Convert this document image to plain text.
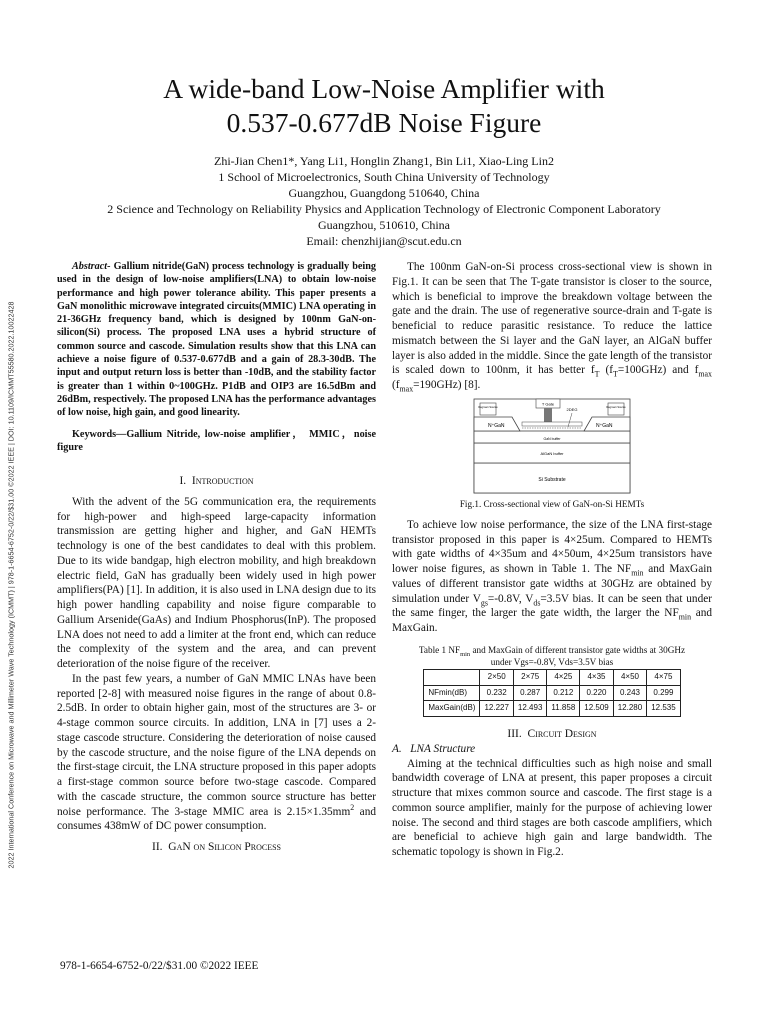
2022 International Conference on Microwave and Millimeter Wave Technology (ICMMT) | 978-1-6654-6752-0/22/$31.00 ©2022 IEEE | DOI: 10.1109/ICMMT55580.2022.10022428
A wide-band Low-Noise Amplifier with
0.537-0.677dB Noise Figure
Zhi-Jian Chen1*, Yang Li1, Honglin Zhang1, Bin Li1, Xiao-Ling Lin2
1 School of Microelectronics, South China University of Technology
Guangzhou, Guangdong 510640, China
2 Science and Technology on Reliability Physics and Application Technology of Electronic Component Laboratory
Guangzhou, 510610, China
Email: chenzhijian@scut.edu.cn

Abstract- Gallium nitride(GaN) process technology is gradually being used in the design of low-noise amplifiers(LNA) to obtain low-noise performance and high power tolerance ability. This paper presents a GaN monolithic microwave integrated circuits(MMIC) LNA operating in 21-36GHz frequency band, which is designed by 100nm GaN-on-silicon(Si) process. The proposed LNA uses a hybrid structure of common source and cascode. Simulation results show that this LNA can achieve a noise figure of 0.537-0.677dB and a gain of 28.3-30dB. The input and output return loss is better than -10dB, and the stability factor is greater than 1 within 0~100GHz. P1dB and OIP3 are 16.5dBm and 26dBm, respectively. The proposed LNA has the performance advantages of low noise, high gain, and good linearity.

Keywords—Gallium Nitride, low-noise amplifier， MMIC，noise figure

I. Introduction

With the advent of the 5G communication era, the requirements for high-power and high-speed large-capacity information transmission are getting higher and higher, and GaN HEMTs technology is one of the best candidates to deal with this problem. Due to its wide bandgap, high electron mobility, and high breakdown electric field, GaN has gradually been widely used in high power amplifiers(PA) [1]. In addition, it is also used in LNA design due to its high power handling capability and noise figure comparable to Gallium Arsenide(GaAs) and Indium Phosphorus(InP). The proposed LNA does not need to add a limiter at the front end, which can reduce the complexity of the system and the area, and can prevent deterioration of the noise figure of the receiver.

In the past few years, a number of GaN MMIC LNAs have been reported [2-8] with measured noise figures in the range of about 0.8-2.5dB. In order to obtain higher gain, most of the structures are 3- or 4-stage common source circuits. In addition, LNA in [7] uses a 2-stage cascode structure. Considering the deterioration of noise caused by the cascode structure, and the noise figure of the LNA depends on the first-stage circuit, the LNA structure proposed in this paper adopts a first-stage common source before two-stage cascode. Compared with the cascade structure, the common source structure has better noise performance. The 3-stage MMIC area is $2.15\times 1.35mm^2$ and consumes 438mW of DC power consumption.

II. GaN on Silicon Process

The 100nm GaN-on-Si process cross-sectional view is shown in Fig.1. It can be seen that The T-gate transistor is closer to the source, which is beneficial to improve the breakdown voltage between the gate and the drain. The use of regenerative source-drain and T-gate is beneficial to reduce parasitic resistance. To reduce the lattice mismatch between the Si layer and the GaN layer, an AlGaN buffer layer is also added in the middle. Since the gate length of the transistor is scaled down to 100nm, it has better $f_T$ $(f_T=100GHz)$ and $f_{max}$ $(f_{max}=190GHz)$ [8].

Si Substrate
AlGaN buffer
GaN buffer
N⁺GaN	N⁺GaN
Regrown Source	Regrown Source
T Gate
2DEG
Fig.1. Cross-sectional view of GaN-on-Si HEMTs

To achieve low noise performance, the size of the LNA first-stage transistor proposed in this paper is 4×25um. Compared to HEMTs with gate widths of 4×35um and 4×50um, 4×25um transistors have lower noise figures, as shown in Table 1. The $NF_{min}$ and MaxGain values of different transistor gate widths at 30GHz are obtained by simulation under $V_{gs}=-0.8V$, $V_{ds}=3.5V$ bias. It can be seen that under the same finger, the larger the gate width, the larger the $NF_{min}$ and MaxGain.

Table 1 $NF_{min}$ and MaxGain of different transistor gate widths at 30GHz
under Vgs=-0.8V, Vds=3.5V bias
	2×50	2×75	4×25	4×35	4×50	4×75
NFmin(dB)	0.232	0.287	0.212	0.220	0.243	0.299
MaxGain(dB)	12.227	12.493	11.858	12.509	12.280	12.535

III. Circuit Design

A. LNA Structure

Aiming at the technical difficulties such as high noise and small bandwidth coverage of LNA at present, this paper proposes a circuit structure that mixes common source and cascode. The first stage is a common source amplifier, mainly for the purpose of achieving lower noise. The second and third stages are both cascode amplifiers, which are beneficial to achieve high gain and large bandwidth. The schematic topology is shown in Fig.2.

978-1-6654-6752-0/22/$31.00 ©2022 IEEE
